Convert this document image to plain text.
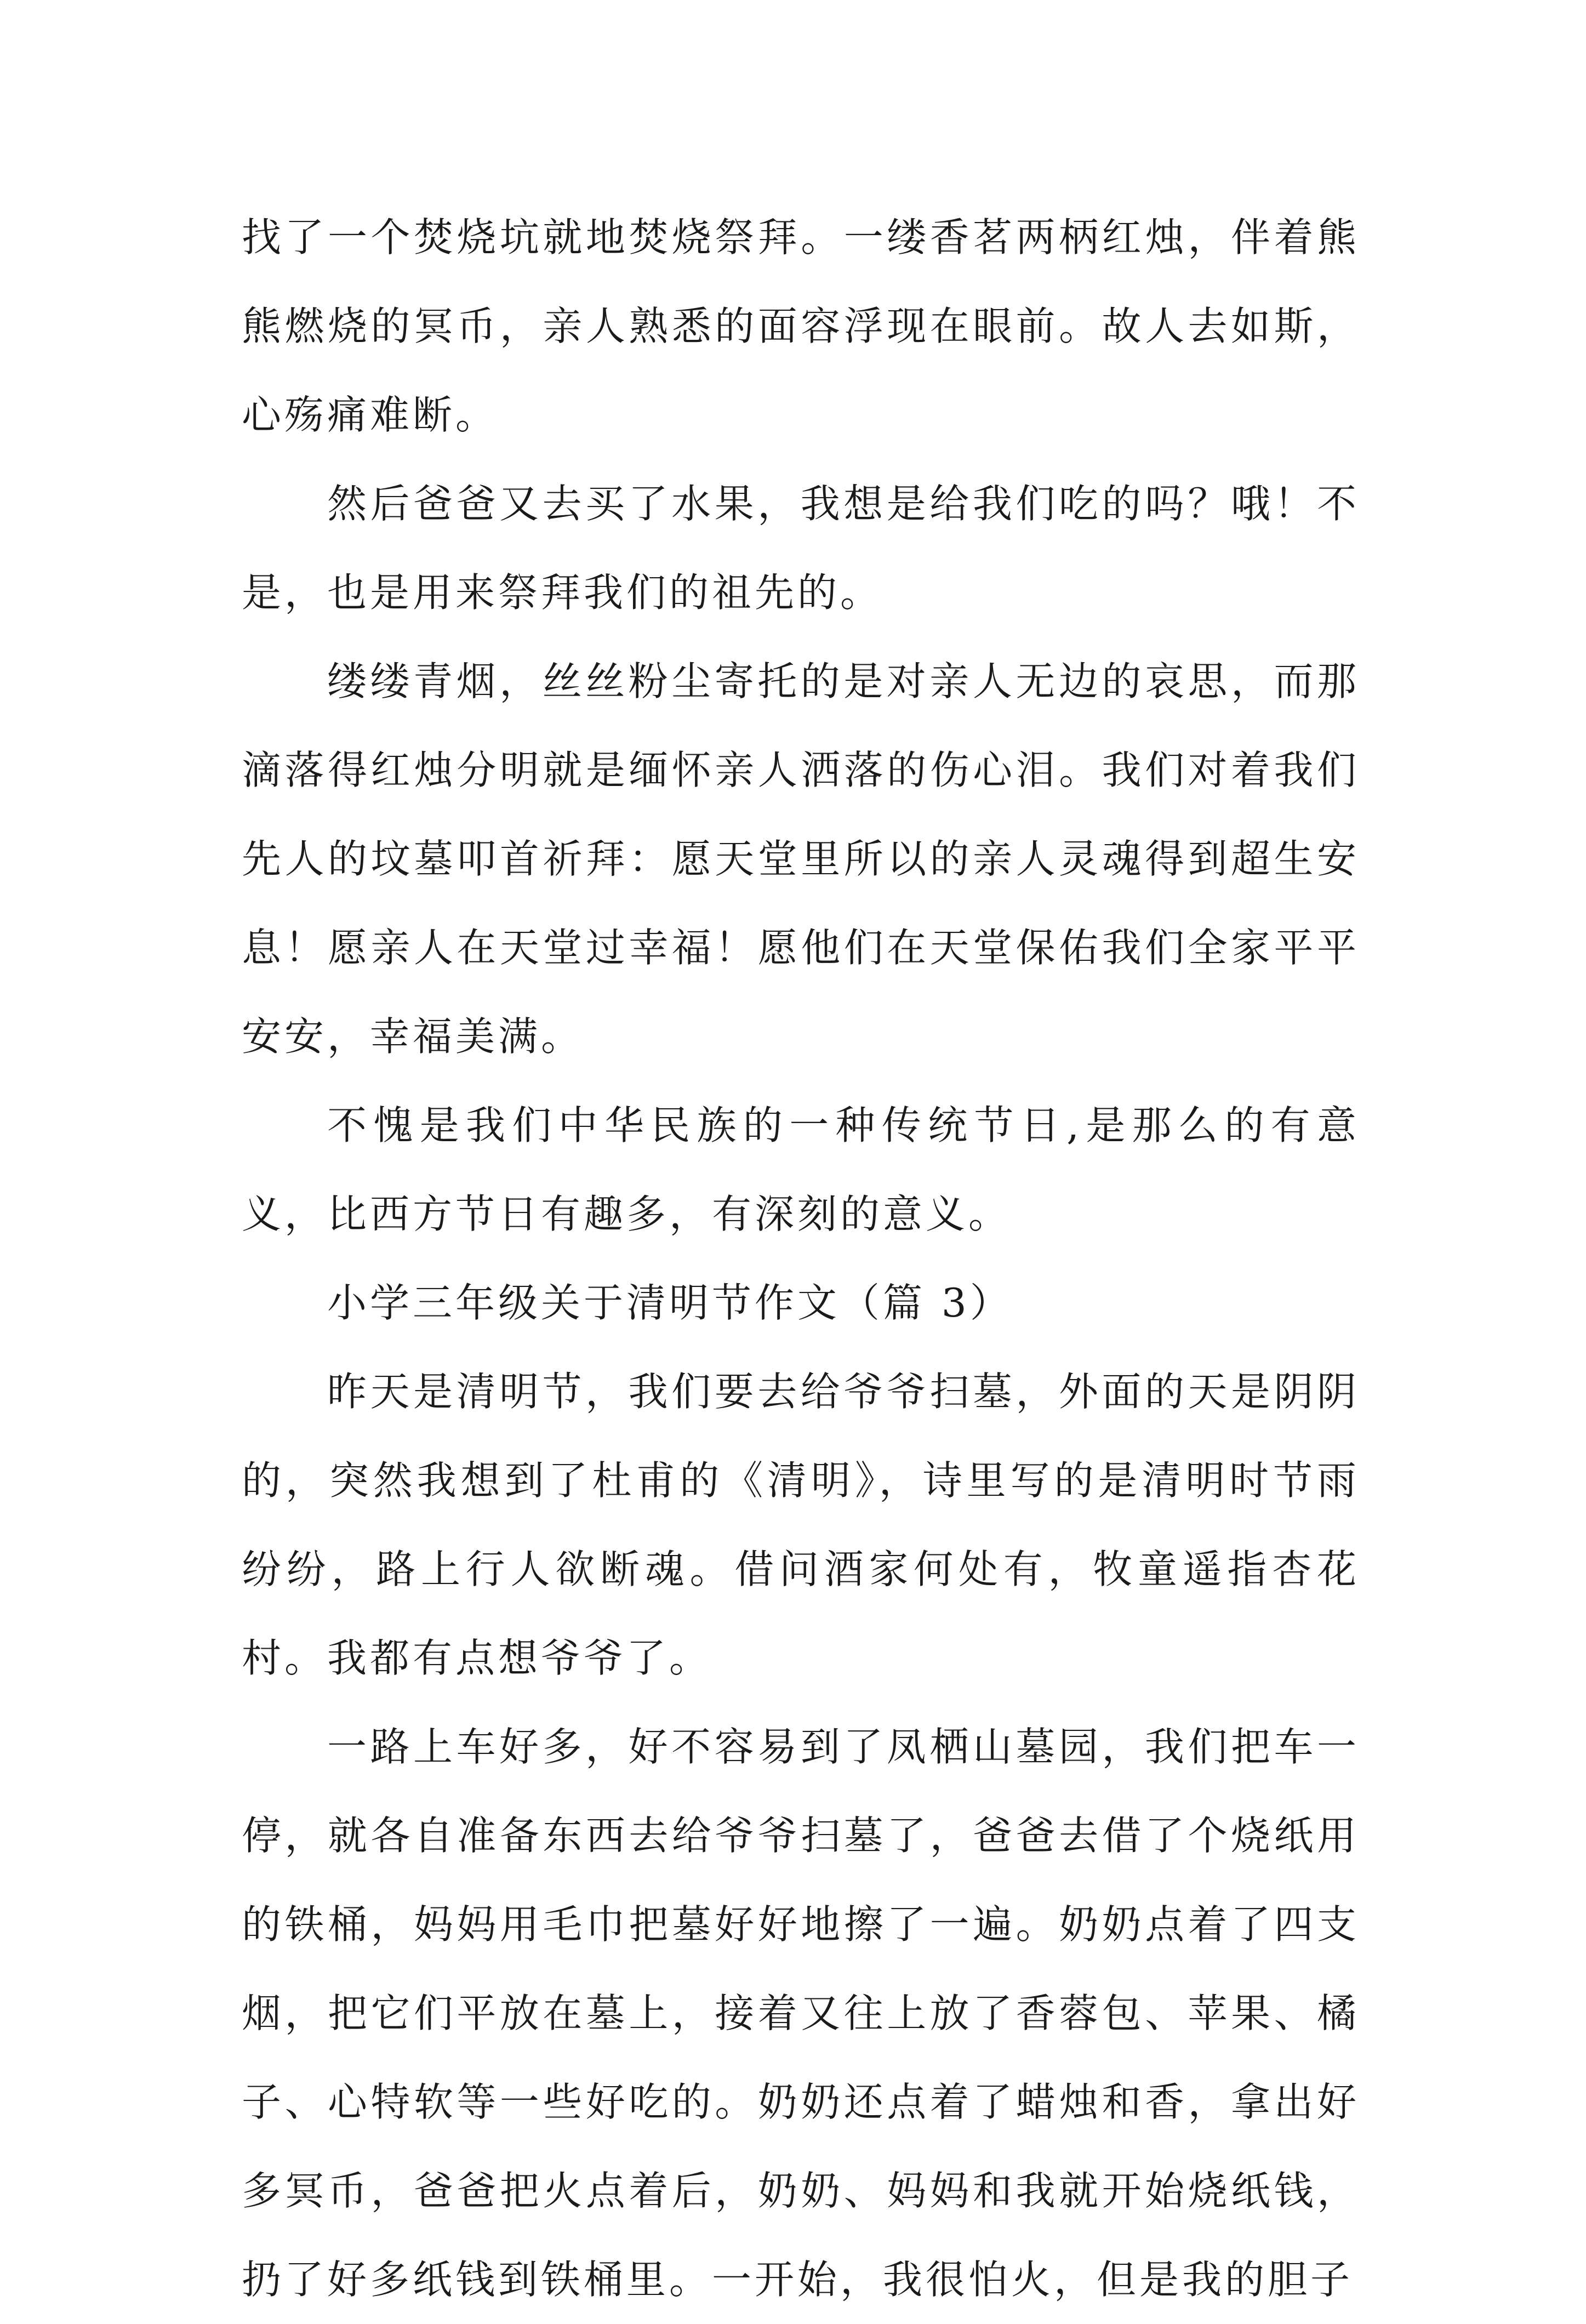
找了一个焚烧坑就地焚烧祭拜。一缕香茗两柄红烛，伴着熊熊燃烧的冥币，亲人熟悉的面容浮现在眼前。故人去如斯，心殇痛难断。

然后爸爸又去买了水果，我想是给我们吃的吗？哦！不是，也是用来祭拜我们的祖先的。

缕缕青烟，丝丝粉尘寄托的是对亲人无边的哀思，而那滴落得红烛分明就是缅怀亲人洒落的伤心泪。我们对着我们先人的坟墓叩首祈拜：愿天堂里所以的亲人灵魂得到超生安息！愿亲人在天堂过幸福！愿他们在天堂保佑我们全家平平安安，幸福美满。

不愧是我们中华民族的一种传统节日,是那么的有意义，比西方节日有趣多，有深刻的意义。

小学三年级关于清明节作文（篇 3）

昨天是清明节，我们要去给爷爷扫墓，外面的天是阴阴的，突然我想到了杜甫的《清明》，诗里写的是清明时节雨纷纷，路上行人欲断魂。借问酒家何处有，牧童遥指杏花村。我都有点想爷爷了。

一路上车好多，好不容易到了凤栖山墓园，我们把车一停，就各自准备东西去给爷爷扫墓了，爸爸去借了个烧纸用的铁桶，妈妈用毛巾把墓好好地擦了一遍。奶奶点着了四支烟，把它们平放在墓上，接着又往上放了香蓉包、苹果、橘子、心特软等一些好吃的。奶奶还点着了蜡烛和香，拿出好多冥币，爸爸把火点着后，奶奶、妈妈和我就开始烧纸钱，扔了好多纸钱到铁桶里。一开始，我很怕火，但是我的胆子
